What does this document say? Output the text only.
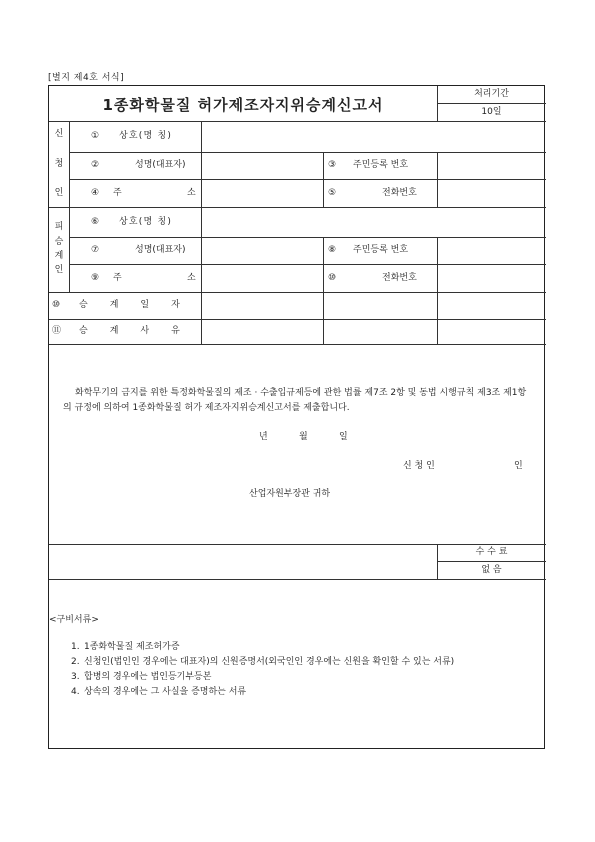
[별지 제4호 서식]
1종화학물질 허가제조자지위승계신고서
처리기간
10일
신
청
인
① 상호(명 칭)
②	성명(대표자)	③ 주민등록 번호
④ 주	소	⑤	전화번호
피
승
계
인
⑥ 상호(명 칭)
⑦	성명(대표자)	⑧ 주민등록 번호
⑨ 주	소	⑩	전화번호
⑩ 승계일자
⑪ 승계사유
화학무기의 금지를 위한 특정화학물질의 제조 · 수출입규제등에 관한 법률 제7조 2항 및 동법 시행규칙 제3조 제1항의 규정에 의하여 1종화학물질 허가 제조자지위승계신고서를 제출합니다.
년	월	일
신 청 인	인
산업자원부장관 귀하
수 수 료
없 음
<구비서류>
1. 1종화학물질 제조허가증
2. 신청인(법인인 경우에는 대표자)의 신원증명서(외국인인 경우에는 신원을 확인할 수 있는 서류)
3. 합병의 경우에는 법인등기부등본
4. 상속의 경우에는 그 사실을 증명하는 서류
